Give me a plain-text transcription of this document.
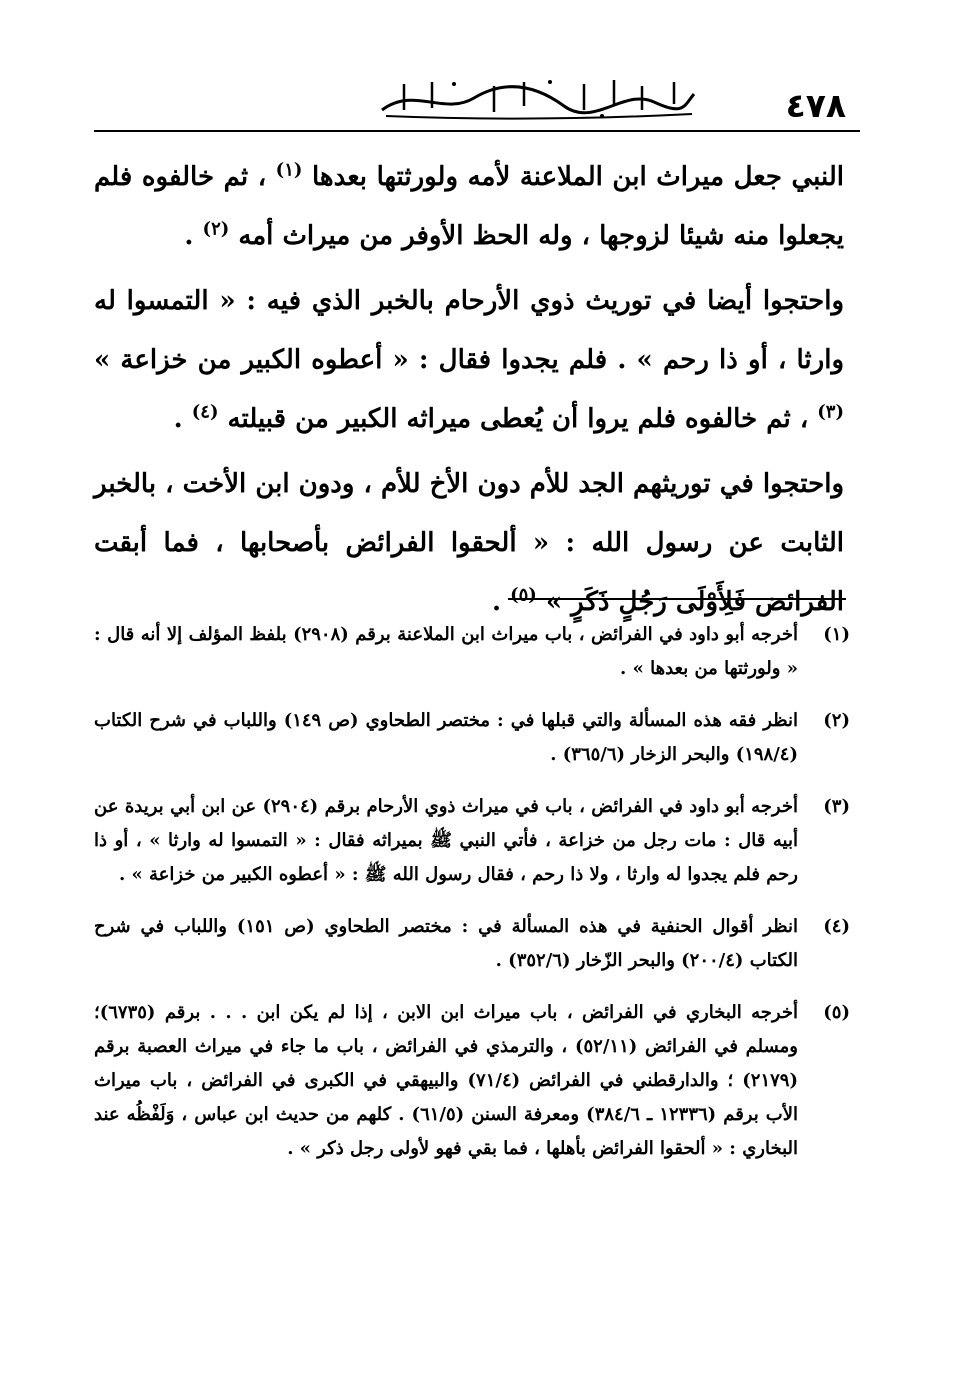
٤٧٨

النبي جعل ميراث ابن الملاعنة لأمه ولورثتها بعدها $^{(١)}$ ، ثم خالفوه فلم يجعلوا منه شيئا لزوجها ، وله الحظ الأوفر من ميراث أمه $^{(٢)}$ .

واحتجوا أيضا في توريث ذوي الأرحام بالخبر الذي فيه : « التمسوا له وارثا ، أو ذا رحم » . فلم يجدوا فقال : « أعطوه الكبير من خزاعة » $^{(٣)}$ ، ثم خالفوه فلم يروا أن يُعطى ميراثه الكبير من قبيلته $^{(٤)}$ .

واحتجوا في توريثهم الجد للأم دون الأخ للأم ، ودون ابن الأخت ، بالخبر الثابت عن رسول الله : « ألحقوا الفرائض بأصحابها ، فما أبقت الفرائض فَلِأَوْلَى رَجُلٍ ذَكَرٍ » $^{(٥)}$ .

(١)
أخرجه أبو داود في الفرائض ، باب ميراث ابن الملاعنة برقم (٢٩٠٨) بلفظ المؤلف إلا أنه قال : « ولورثتها من بعدها » .
(٢)
انظر فقه هذه المسألة والتي قبلها في : مختصر الطحاوي (ص ١٤٩) واللباب في شرح الكتاب (١٩٨/٤) والبحر الزخار (٣٦٥/٦) .
(٣)
أخرجه أبو داود في الفرائض ، باب في ميراث ذوي الأرحام برقم (٢٩٠٤) عن ابن أبي بريدة عن أبيه قال : مات رجل من خزاعة ، فأتي النبي ﷺ بميراثه فقال : « التمسوا له وارثا » ، أو ذا رحم فلم يجدوا له وارثا ، ولا ذا رحم ، فقال رسول الله ﷺ : « أعطوه الكبير من خزاعة » .
(٤)
انظر أقوال الحنفية في هذه المسألة في : مختصر الطحاوي (ص ١٥١) واللباب في شرح الكتاب (٢٠٠/٤) والبحر الزّخار (٣٥٢/٦) .
(٥)
أخرجه البخاري في الفرائض ، باب ميراث ابن الابن ، إذا لم يكن ابن . . . برقم (٦٧٣٥)؛ ومسلم في الفرائض (٥٢/١١) ، والترمذي في الفرائض ، باب ما جاء في ميراث العصبة برقم (٢١٧٩) ؛ والدارقطني في الفرائض (٧١/٤) والبيهقي في الكبرى في الفرائض ، باب ميراث الأب برقم (١٢٣٣٦ ـ ٣٨٤/٦) ومعرفة السنن (٦١/٥) . كلهم من حديث ابن عباس ، وَلَفْظُه عند البخاري : « ألحقوا الفرائض بأهلها ، فما بقي فهو لأولى رجل ذكر » .
